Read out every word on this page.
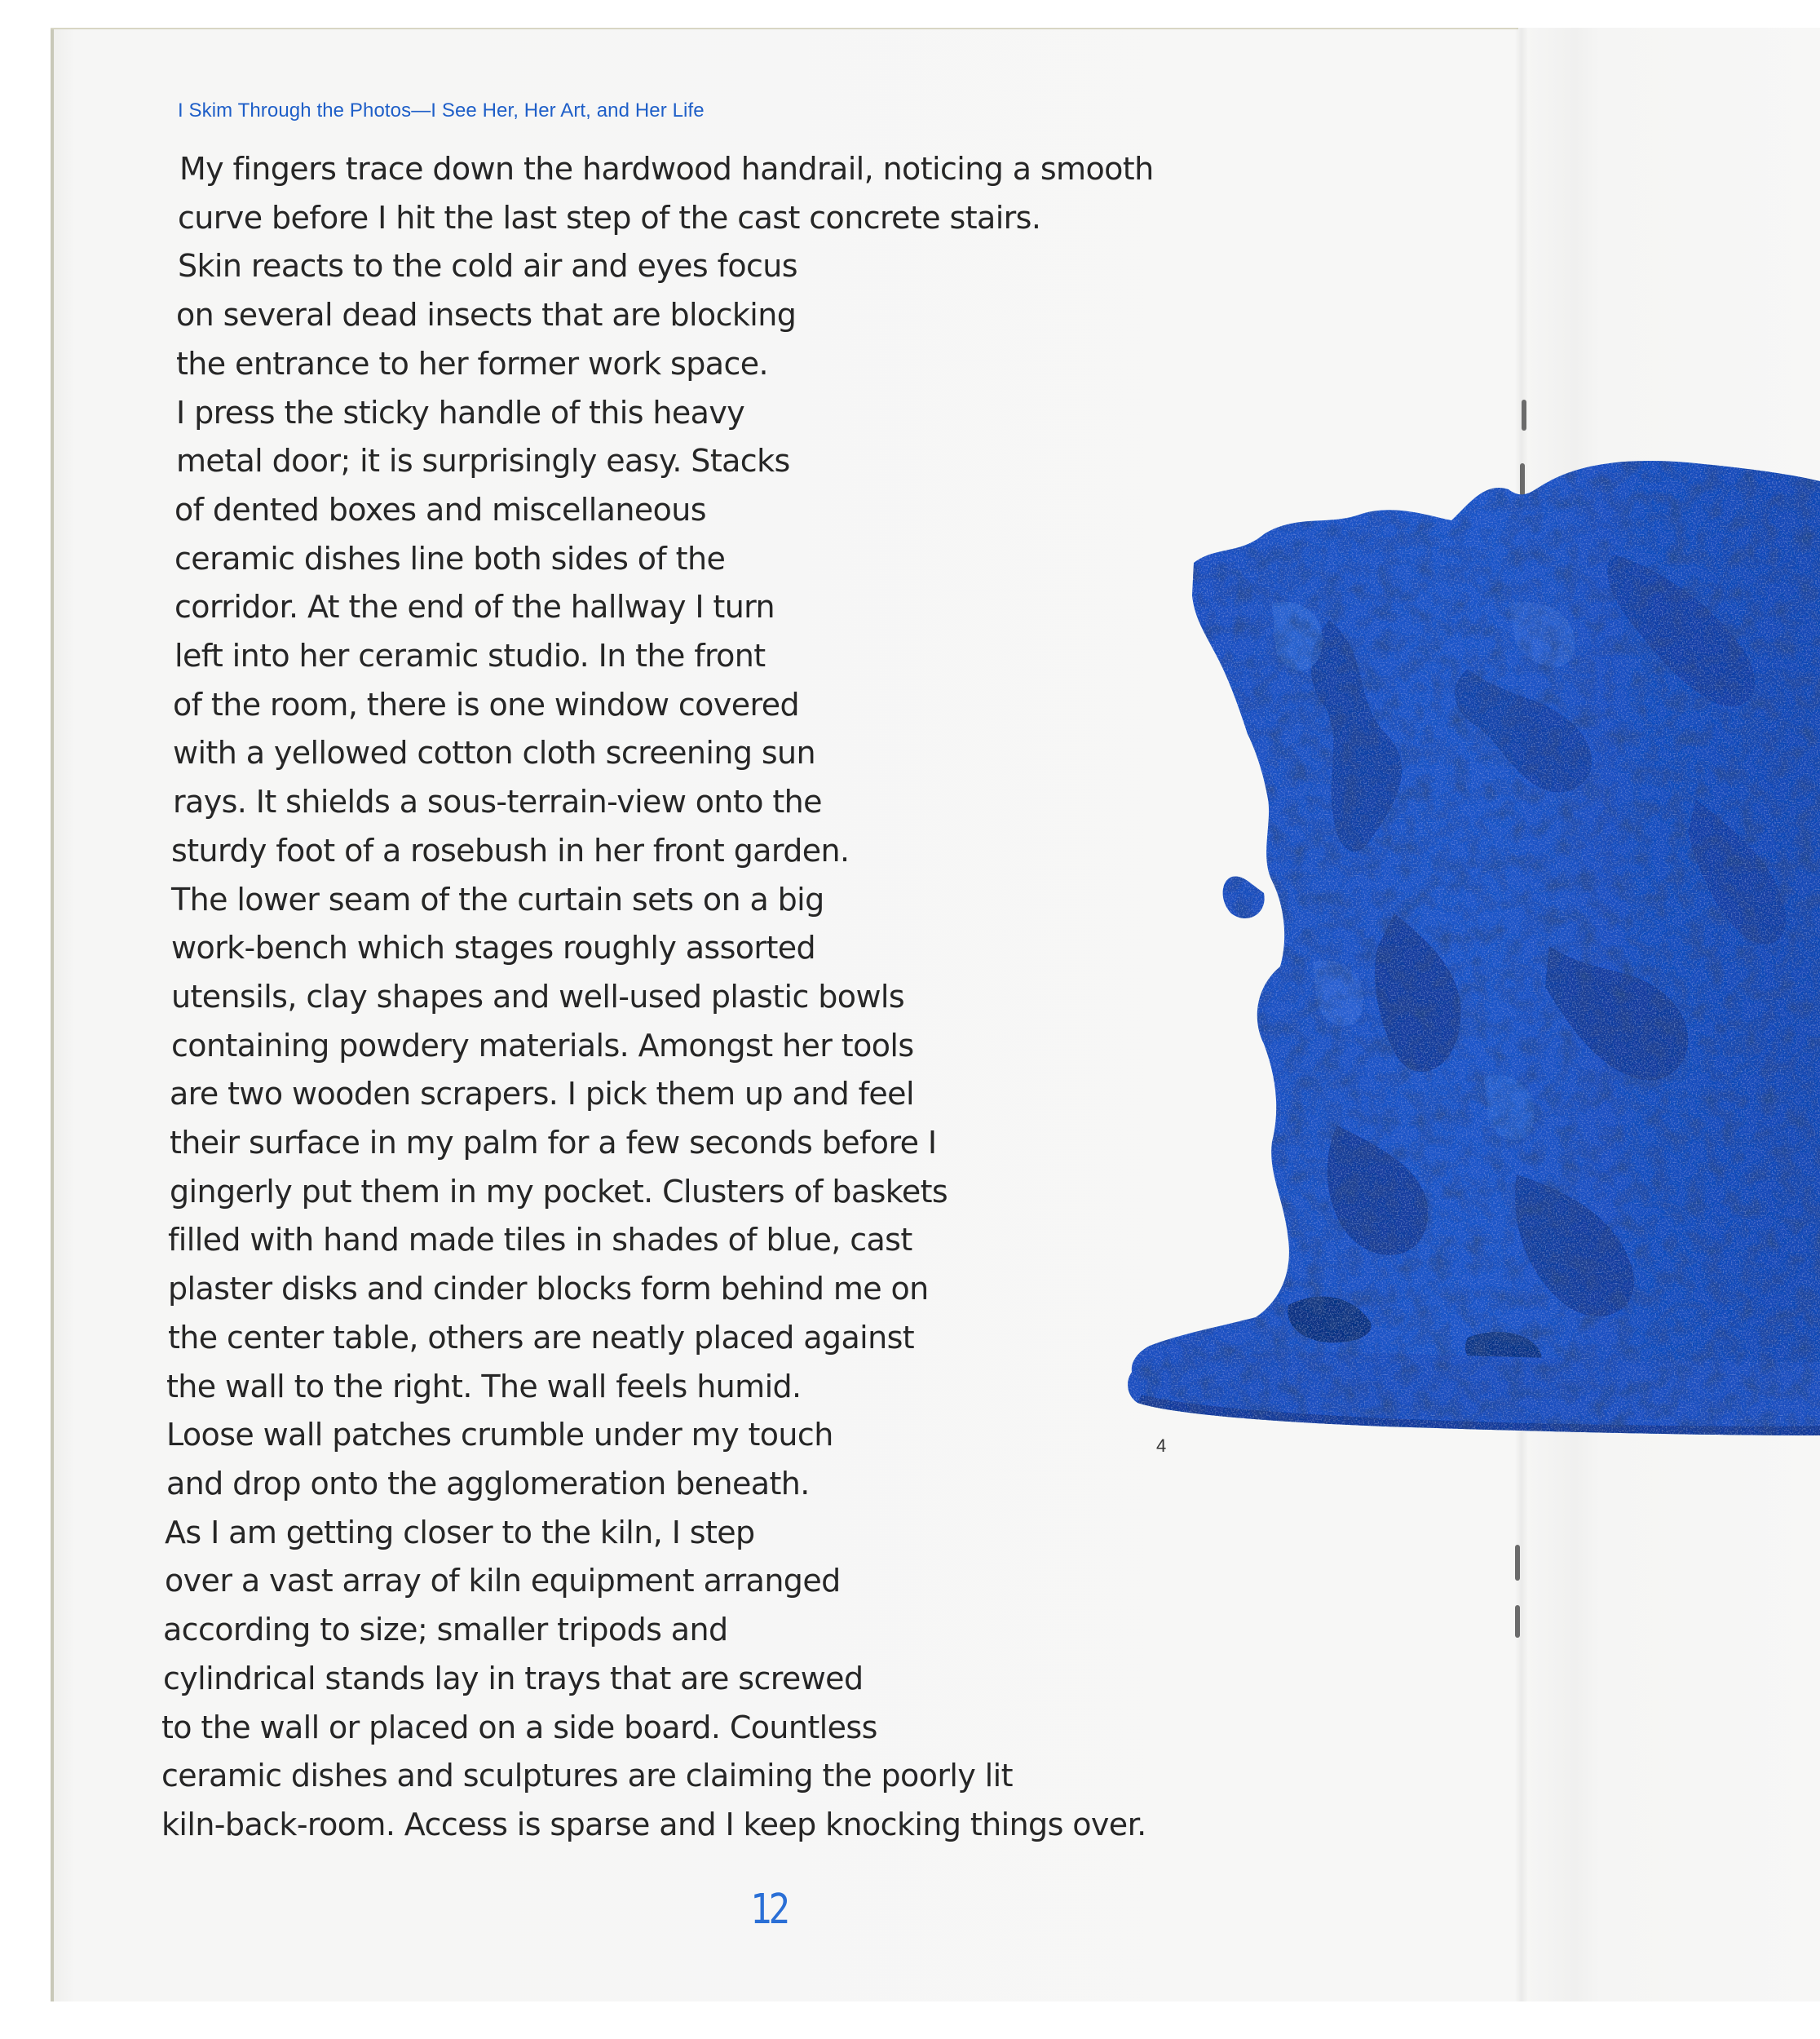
I Skim Through the Photos—I See Her, Her Art, and Her Life
My fingers trace down the hardwood handrail, noticing a smooth
curve before I hit the last step of the cast concrete stairs.
Skin reacts to the cold air and eyes focus
on several dead insects that are blocking
the entrance to her former work space.
I press the sticky handle of this heavy
metal door; it is surprisingly easy. Stacks
of dented boxes and miscellaneous
ceramic dishes line both sides of the
corridor. At the end of the hallway I turn
left into her ceramic studio. In the front
of the room, there is one window covered
with a yellowed cotton cloth screening sun
rays. It shields a sous-terrain-view onto the
sturdy foot of a rosebush in her front garden.
The lower seam of the curtain sets on a big
work-bench which stages roughly assorted
utensils, clay shapes and well-used plastic bowls
containing powdery materials. Amongst her tools
are two wooden scrapers. I pick them up and feel
their surface in my palm for a few seconds before I
gingerly put them in my pocket. Clusters of baskets
filled with hand made tiles in shades of blue, cast
plaster disks and cinder blocks form behind me on
the center table, others are neatly placed against
the wall to the right. The wall feels humid.
Loose wall patches crumble under my touch
and drop onto the agglomeration beneath.
As I am getting closer to the kiln, I step
over a vast array of kiln equipment arranged
according to size; smaller tripods and
cylindrical stands lay in trays that are screwed
to the wall or placed on a side board. Countless
ceramic dishes and sculptures are claiming the poorly lit
kiln-back-room. Access is sparse and I keep knocking things over.
4
12
